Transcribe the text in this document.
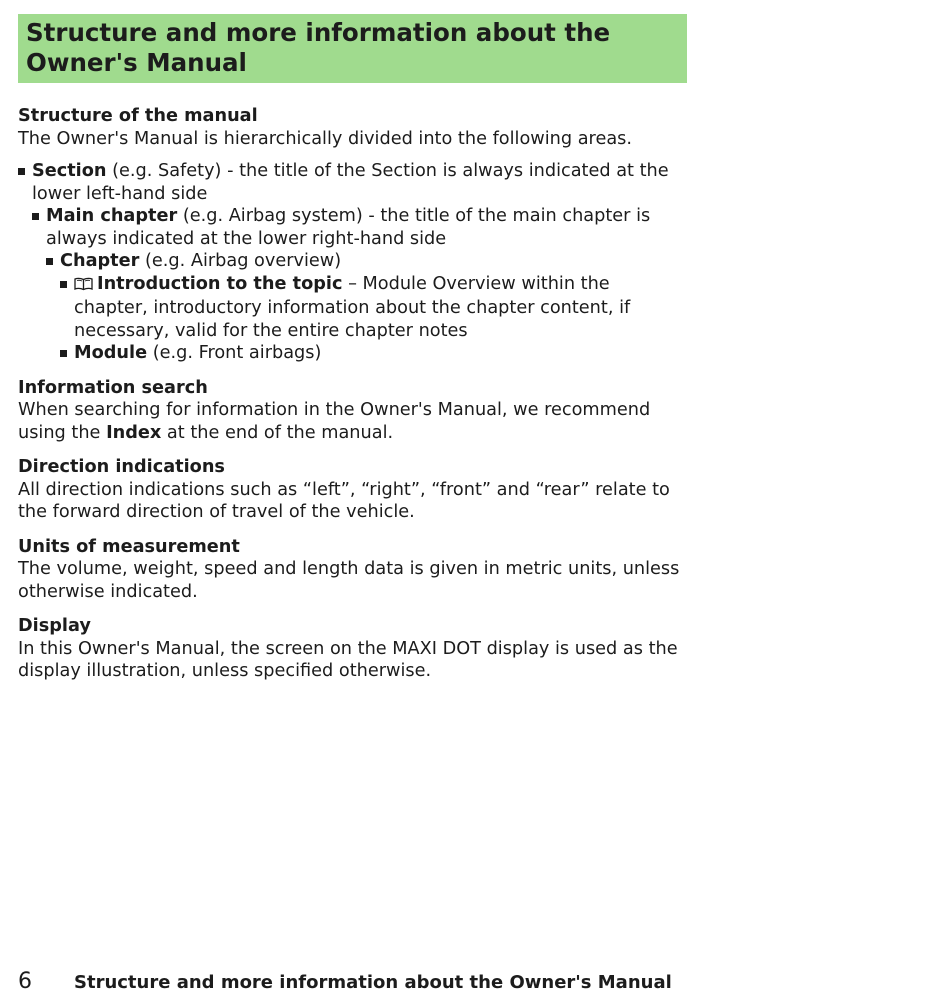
Structure and more information about the Owner's Manual
Structure of the manual

The Owner's Manual is hierarchically divided into the following areas.

Section (e.g. Safety) - the title of the Section is always indicated at the lower left-hand side
Main chapter (e.g. Airbag system) - the title of the main chapter is always indicated at the lower right-hand side
Chapter (e.g. Airbag overview)
Introduction to the topic – Module Overview within the chapter, introductory information about the chapter content, if necessary, valid for the entire chapter notes
Module (e.g. Front airbags)
Information search

When searching for information in the Owner's Manual, we recommend using the Index at the end of the manual.

Direction indications

All direction indications such as “left”, “right”, “front” and “rear” relate to the forward direction of travel of the vehicle.

Units of measurement

The volume, weight, speed and length data is given in metric units, unless otherwise indicated.

Display

In this Owner's Manual, the screen on the MAXI DOT display is used as the display illustration, unless specified otherwise.

6 Structure and more information about the Owner's Manual
